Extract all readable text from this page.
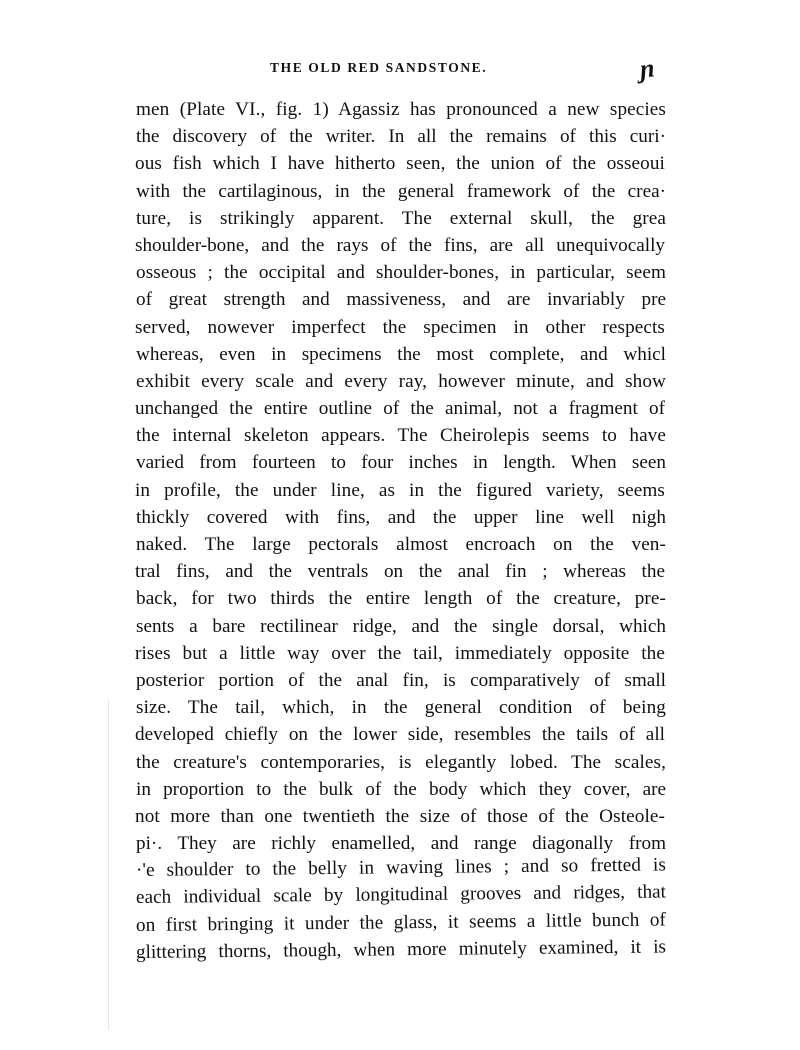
THE OLD RED SANDSTONE.	ɲ
men (Plate VI., fig. 1) Agassiz has pronounced a new species
the discovery of the writer. In all the remains of this curi·
ous fish which I have hitherto seen, the union of the osseoui
with the cartilaginous, in the general framework of the crea·
ture, is strikingly apparent. The external skull, the grea
shoulder-bone, and the rays of the fins, are all unequivocally
osseous ; the occipital and shoulder-bones, in particular, seem
of great strength and massiveness, and are invariably pre
served, nowever imperfect the specimen in other respects
whereas, even in specimens the most complete, and whicl
exhibit every scale and every ray, however minute, and show
unchanged the entire outline of the animal, not a fragment of
the internal skeleton appears. The Cheirolepis seems to have
varied from fourteen to four inches in length. When seen
in profile, the under line, as in the figured variety, seems
thickly covered with fins, and the upper line well nigh
naked. The large pectorals almost encroach on the ven-
tral fins, and the ventrals on the anal fin ; whereas the
back, for two thirds the entire length of the creature, pre-
sents a bare rectilinear ridge, and the single dorsal, which
rises but a little way over the tail, immediately opposite the
posterior portion of the anal fin, is comparatively of small
size. The tail, which, in the general condition of being
developed chiefly on the lower side, resembles the tails of all
the creature's contemporaries, is elegantly lobed. The scales,
in proportion to the bulk of the body which they cover, are
not more than one twentieth the size of those of the Osteole-
pi·. They are richly enamelled, and range diagonally from
·'e shoulder to the belly in waving lines ; and so fretted is
each individual scale by longitudinal grooves and ridges, that
on first bringing it under the glass, it seems a little bunch of
glittering thorns, though, when more minutely examined, it is
